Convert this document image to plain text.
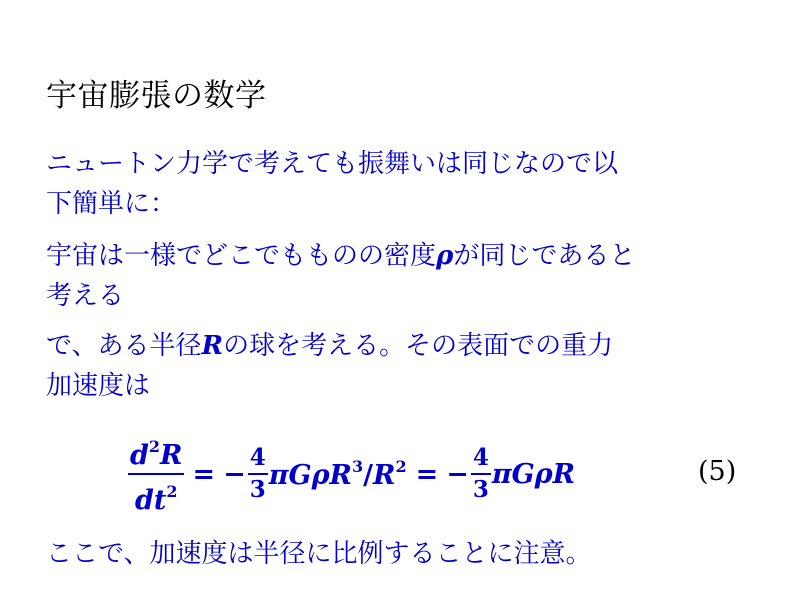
宇宙膨張の数学
ニュートン力学で考えても振舞いは同じなので以
下簡単に：
宇宙は一様でどこでもものの密度ρが同じであると
考える
で、ある半径Rの球を考える。その表面での重力
加速度は
$\frac{d^2R}{dt^2}$ = − $\frac{4}{3} \pi G\rho R^3/R^2$ = − $\frac{4}{3}$ πGρR	(5)
ここで、加速度は半径に比例することに注意。
